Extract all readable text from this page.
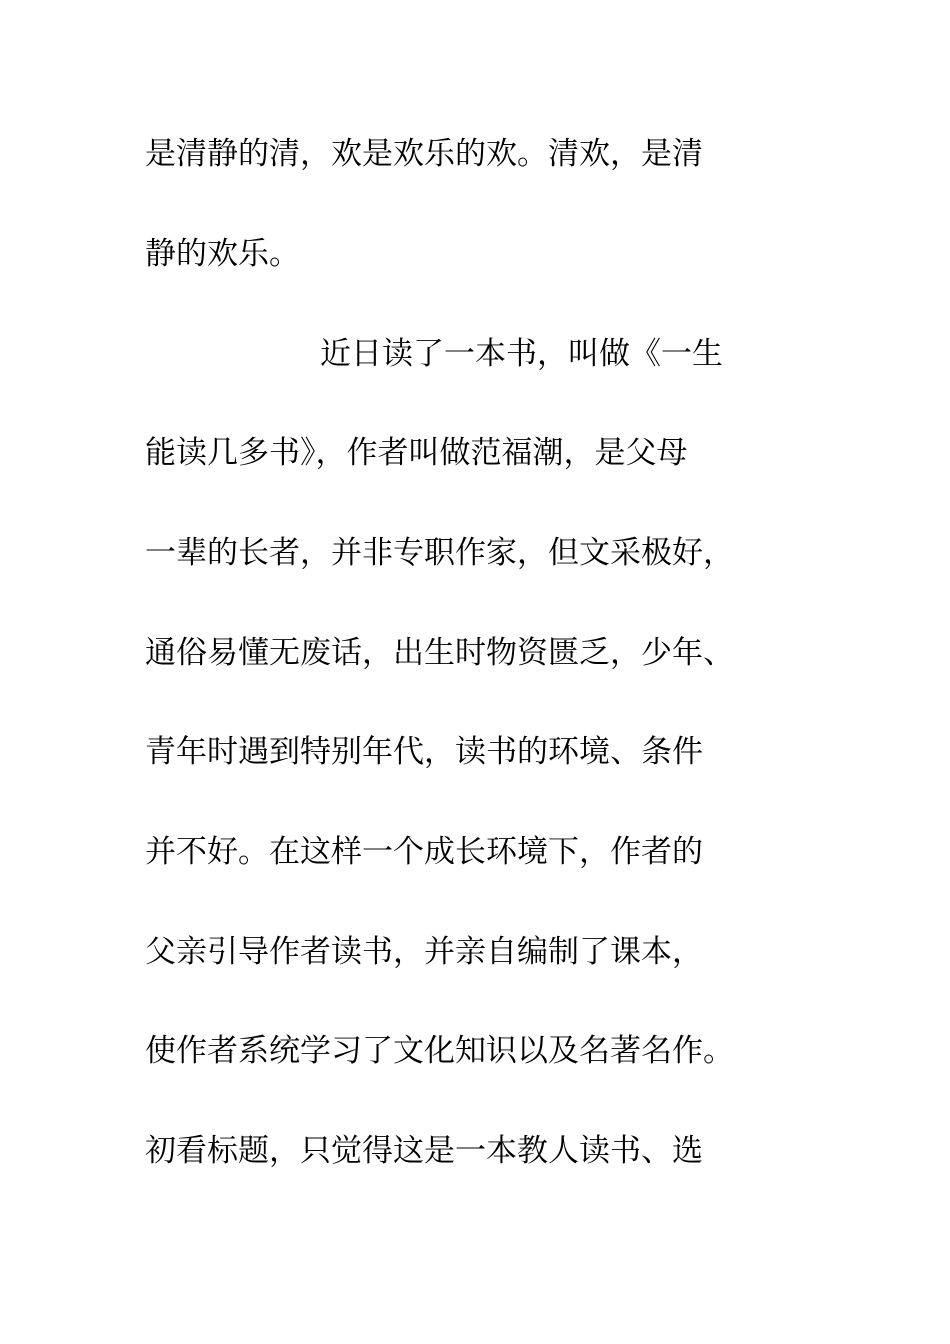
是清静的清，欢是欢乐的欢。清欢，是清

静的欢乐。

近日读了一本书，叫做《一生

能读几多书》，作者叫做范福潮，是父母

一辈的长者，并非专职作家，但文采极好，

通俗易懂无废话，出生时物资匮乏，少年、

青年时遇到特别年代，读书的环境、条件

并不好。在这样一个成长环境下，作者的

父亲引导作者读书，并亲自编制了课本，

使作者系统学习了文化知识以及名著名作。

初看标题，只觉得这是一本教人读书、选
